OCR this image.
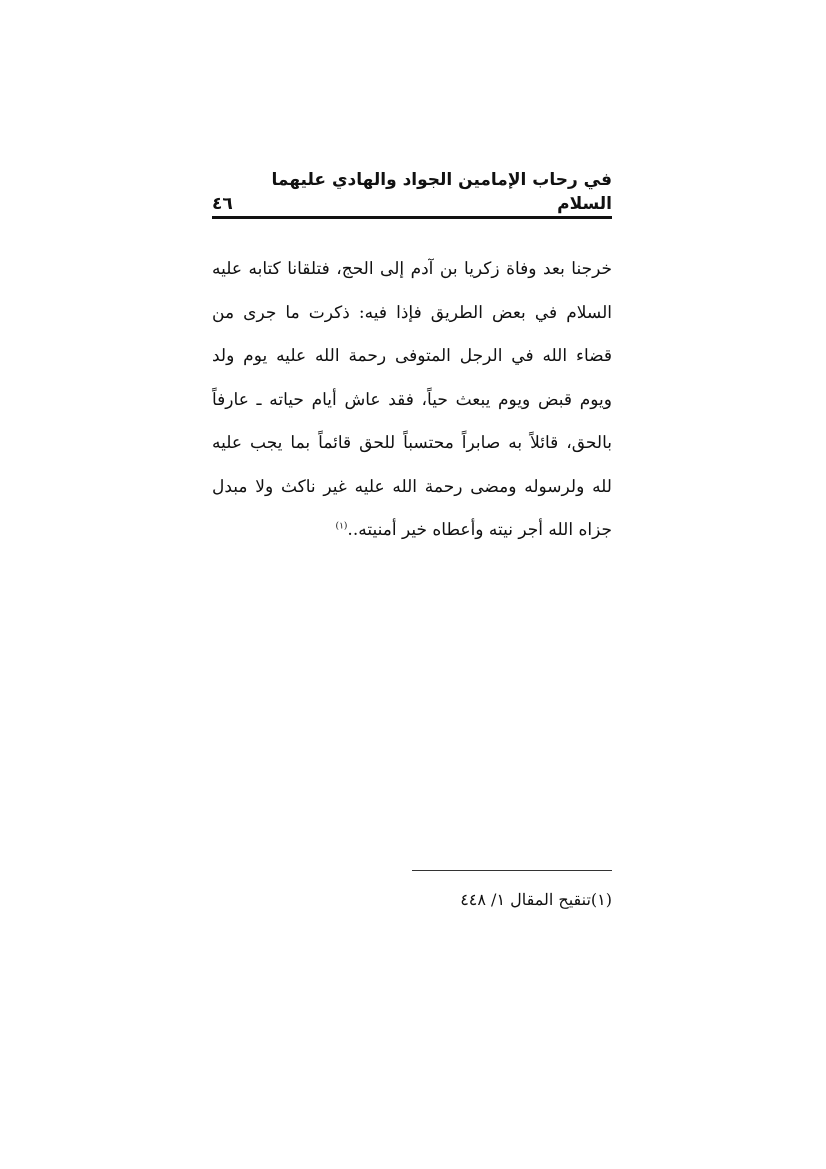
في رحاب الإمامين الجواد والهادي عليهما السلام
٤٦

خرجنا بعد وفاة زكريا بن آدم إلى الحج، فتلقانا كتابه عليه السلام في بعض الطريق فإذا فيه: ذكرت ما جرى من قضاء الله في الرجل المتوفى رحمة الله عليه يوم ولد ويوم قبض ويوم يبعث حياً، فقد عاش أيام حياته ـ عارفاً بالحق، قائلاً به صابراً محتسباً للحق قائماً بما يجب عليه لله ولرسوله ومضى رحمة الله عليه غير ناكث ولا مبدل جزاه الله أجر نيته وأعطاه خير أمنيته..$^{(١)}$

(١)تنقيح المقال ١/ ٤٤٨
